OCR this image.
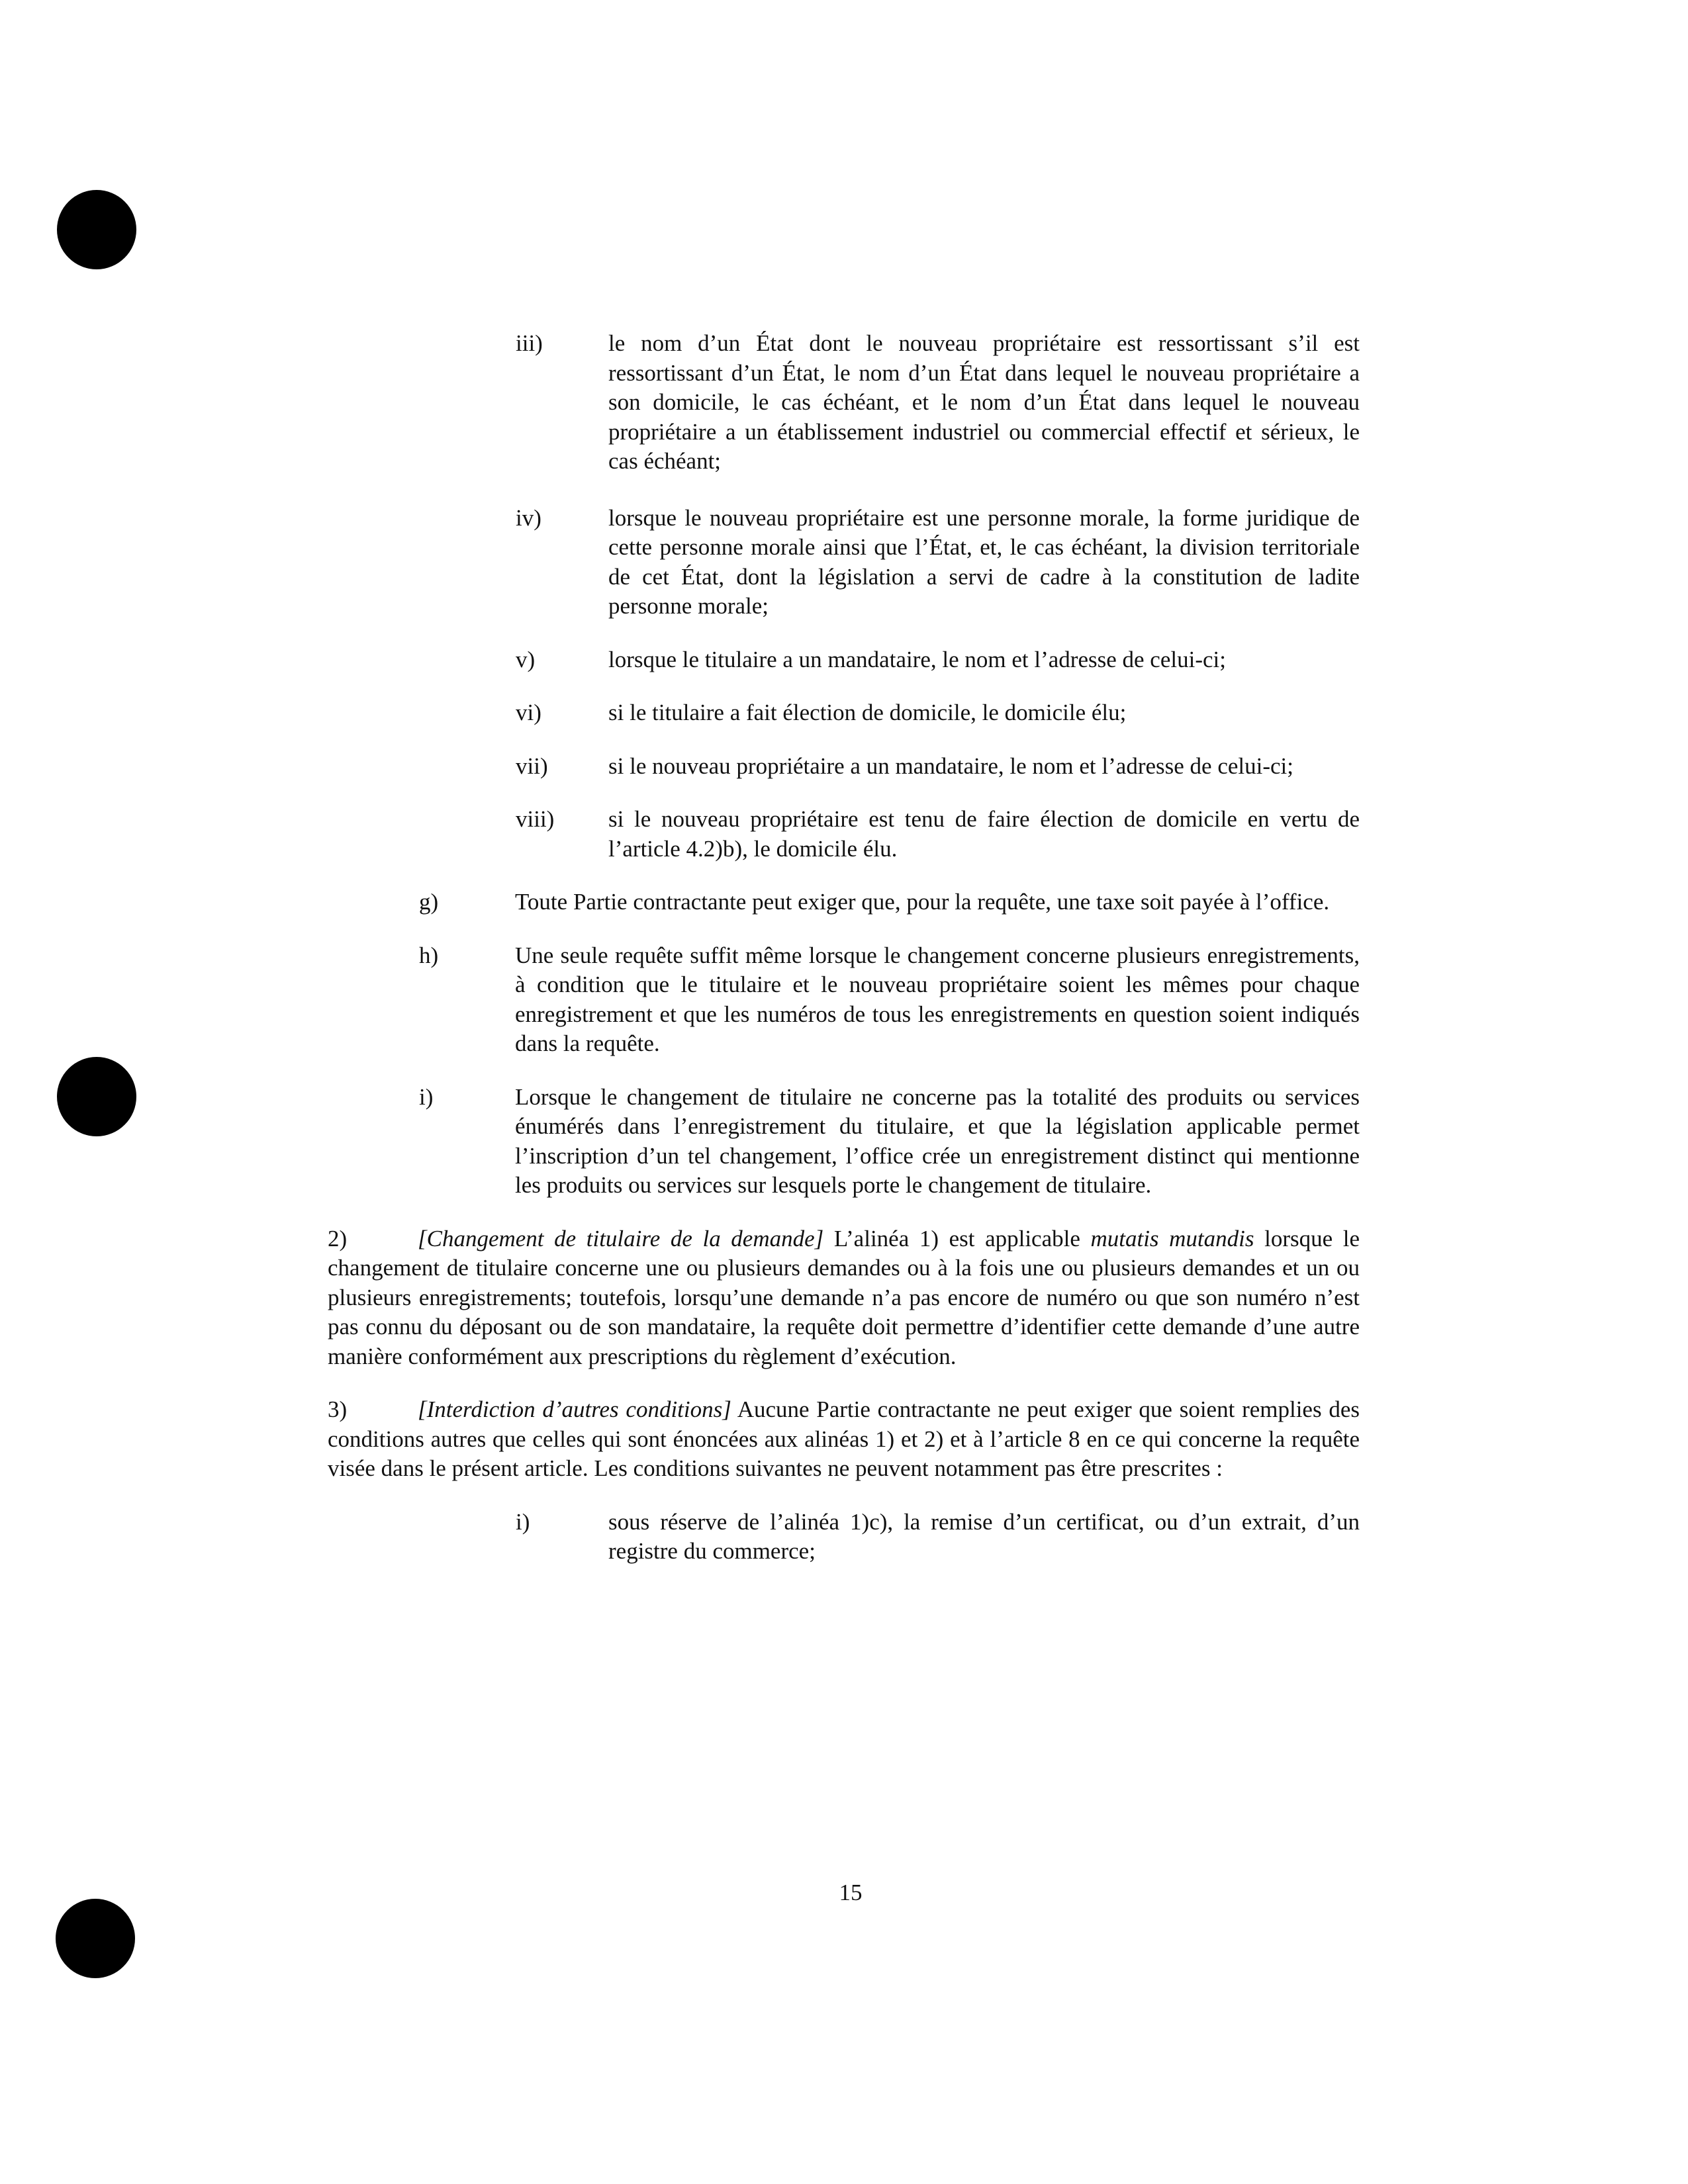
iii)	le nom d’un État dont le nouveau propriétaire est ressortissant s’il est ressortissant d’un État, le nom d’un État dans lequel le nouveau propriétaire a son domicile, le cas échéant, et le nom d’un État dans lequel le nouveau propriétaire a un établissement industriel ou commercial effectif et sérieux, le cas échéant;
iv)	lorsque le nouveau propriétaire est une personne morale, la forme juridique de cette personne morale ainsi que l’État, et, le cas échéant, la division territoriale de cet État, dont la législation a servi de cadre à la constitution de ladite personne morale;
v)	lorsque le titulaire a un mandataire, le nom et l’adresse de celui-ci;
vi)	si le titulaire a fait élection de domicile, le domicile élu;
vii)	si le nouveau propriétaire a un mandataire, le nom et l’adresse de celui-ci;
viii) si le nouveau propriétaire est tenu de faire élection de domicile en vertu de l’article 4.2)b), le domicile élu.
g)	Toute Partie contractante peut exiger que, pour la requête, une taxe soit payée à l’office.
h)	Une seule requête suffit même lorsque le changement concerne plusieurs enregistrements, à condition que le titulaire et le nouveau propriétaire soient les mêmes pour chaque enregistrement et que les numéros de tous les enregistrements en question soient indiqués dans la requête.
i)	Lorsque le changement de titulaire ne concerne pas la totalité des produits ou services énumérés dans l’enregistrement du titulaire, et que la législation applicable permet l’inscription d’un tel changement, l’office crée un enregistrement distinct qui mentionne les produits ou services sur lesquels porte le changement de titulaire.
2)	[Changement de titulaire de la demande] L’alinéa 1) est applicable mutatis mutandis lorsque le changement de titulaire concerne une ou plusieurs demandes ou à la fois une ou plusieurs demandes et un ou plusieurs enregistrements; toutefois, lorsqu’une demande n’a pas encore de numéro ou que son numéro n’est pas connu du déposant ou de son mandataire, la requête doit permettre d’identifier cette demande d’une autre manière conformément aux prescriptions du règlement d’exécution.
3)	[Interdiction d’autres conditions] Aucune Partie contractante ne peut exiger que soient remplies des conditions autres que celles qui sont énoncées aux alinéas 1) et 2) et à l’article 8 en ce qui concerne la requête visée dans le présent article. Les conditions suivantes ne peuvent notamment pas être prescrites :
i)	sous réserve de l’alinéa 1)c), la remise d’un certificat, ou d’un extrait, d’un registre du commerce;
15
